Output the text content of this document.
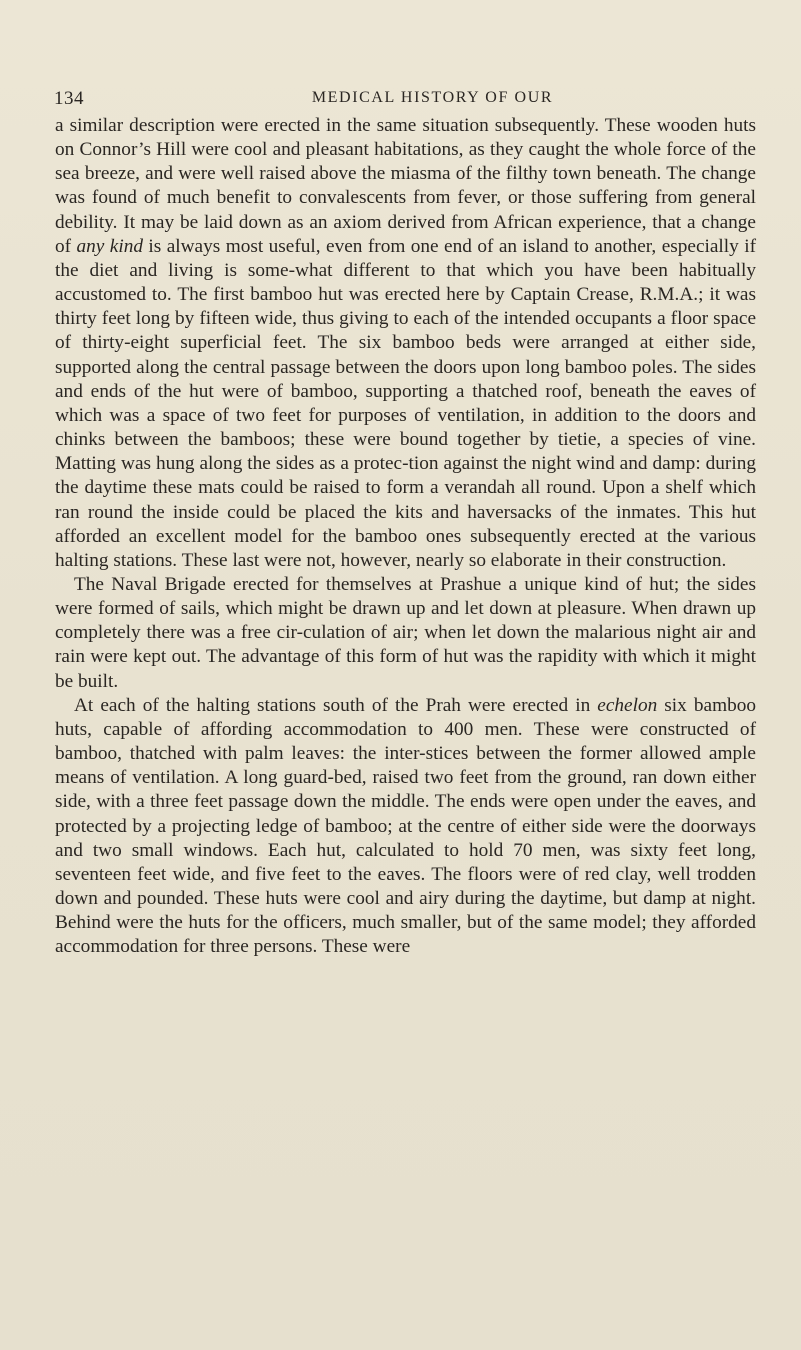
134	MEDICAL HISTORY OF OUR

a similar description were erected in the same situation subsequently. These wooden huts on Connor’s Hill were cool and pleasant habitations, as they caught the whole force of the sea breeze, and were well raised above the miasma of the filthy town beneath. The change was found of much benefit to convalescents from fever, or those suffering from general debility. It may be laid down as an axiom derived from African experience, that a change of any kind is always most useful, even from one end of an island to another, especially if the diet and living is some-what different to that which you have been habitually accustomed to. The first bamboo hut was erected here by Captain Crease, R.M.A.; it was thirty feet long by fifteen wide, thus giving to each of the intended occupants a floor space of thirty-eight superficial feet. The six bamboo beds were arranged at either side, supported along the central passage between the doors upon long bamboo poles. The sides and ends of the hut were of bamboo, supporting a thatched roof, beneath the eaves of which was a space of two feet for purposes of ventilation, in addition to the doors and chinks between the bamboos; these were bound together by tietie, a species of vine. Matting was hung along the sides as a protec-tion against the night wind and damp: during the daytime these mats could be raised to form a verandah all round. Upon a shelf which ran round the inside could be placed the kits and haversacks of the inmates. This hut afforded an excellent model for the bamboo ones subsequently erected at the various halting stations. These last were not, however, nearly so elaborate in their construction.

The Naval Brigade erected for themselves at Prashue a unique kind of hut; the sides were formed of sails, which might be drawn up and let down at pleasure. When drawn up completely there was a free cir-culation of air; when let down the malarious night air and rain were kept out. The advantage of this form of hut was the rapidity with which it might be built.

At each of the halting stations south of the Prah were erected in echelon six bamboo huts, capable of affording accommodation to 400 men. These were constructed of bamboo, thatched with palm leaves: the inter-stices between the former allowed ample means of ventilation. A long guard-bed, raised two feet from the ground, ran down either side, with a three feet passage down the middle. The ends were open under the eaves, and protected by a projecting ledge of bamboo; at the centre of either side were the doorways and two small windows. Each hut, calculated to hold 70 men, was sixty feet long, seventeen feet wide, and five feet to the eaves. The floors were of red clay, well trodden down and pounded. These huts were cool and airy during the daytime, but damp at night. Behind were the huts for the officers, much smaller, but of the same model; they afforded accommodation for three persons. These were
